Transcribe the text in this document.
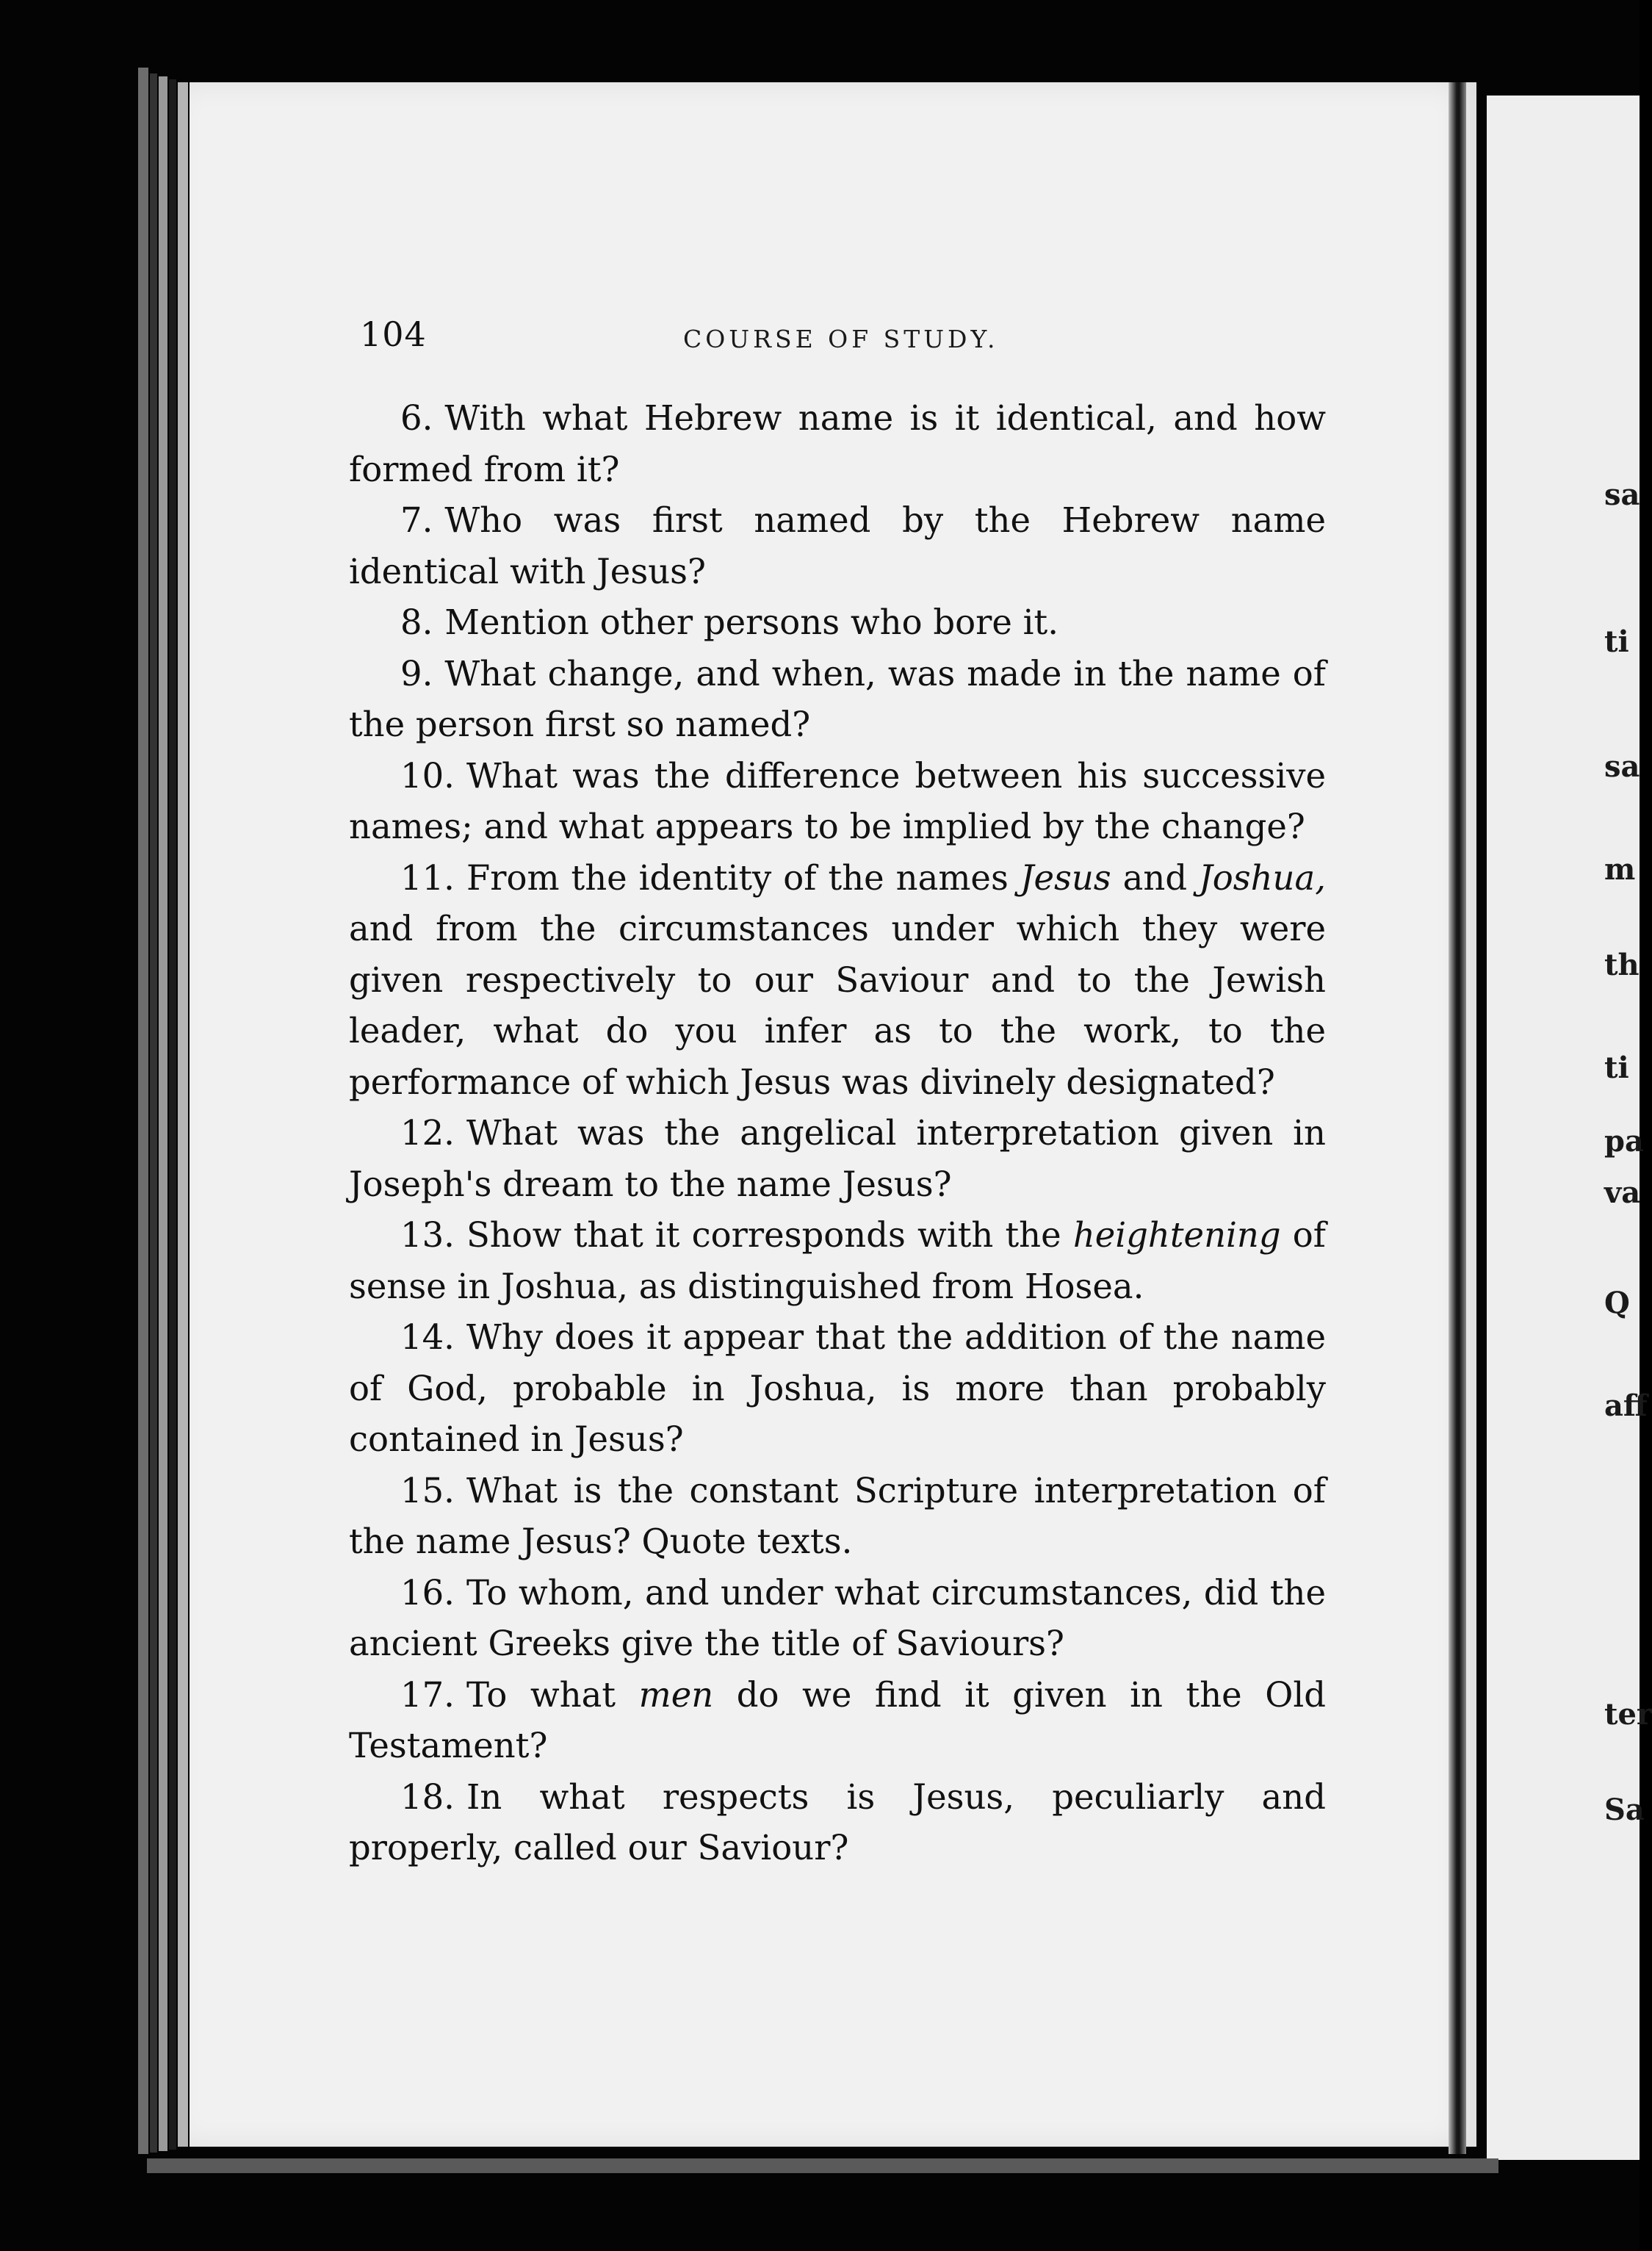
sa
ti
sa
m
th
ti
pa
va
Q
aff
ter
Sa
104	COURSE OF STUDY.

6. With what Hebrew name is it identical, and how formed from it?

7. Who was first named by the Hebrew name identical with Jesus?

8. Mention other persons who bore it.

9. What change, and when, was made in the name of the person first so named?

10. What was the difference between his successive names; and what appears to be implied by the change?

11. From the identity of the names Jesus and Joshua, and from the circumstances under which they were given respectively to our Saviour and to the Jewish leader, what do you infer as to the work, to the performance of which Jesus was divinely designated?

12. What was the angelical interpretation given in Joseph's dream to the name Jesus?

13. Show that it corresponds with the heightening of sense in Joshua, as distinguished from Hosea.

14. Why does it appear that the addition of the name of God, probable in Joshua, is more than probably contained in Jesus?

15. What is the constant Scripture interpretation of the name Jesus? Quote texts.

16. To whom, and under what circumstances, did the ancient Greeks give the title of Saviours?

17. To what men do we find it given in the Old Testament?

18. In what respects is Jesus, peculiarly and properly, called our Saviour?
